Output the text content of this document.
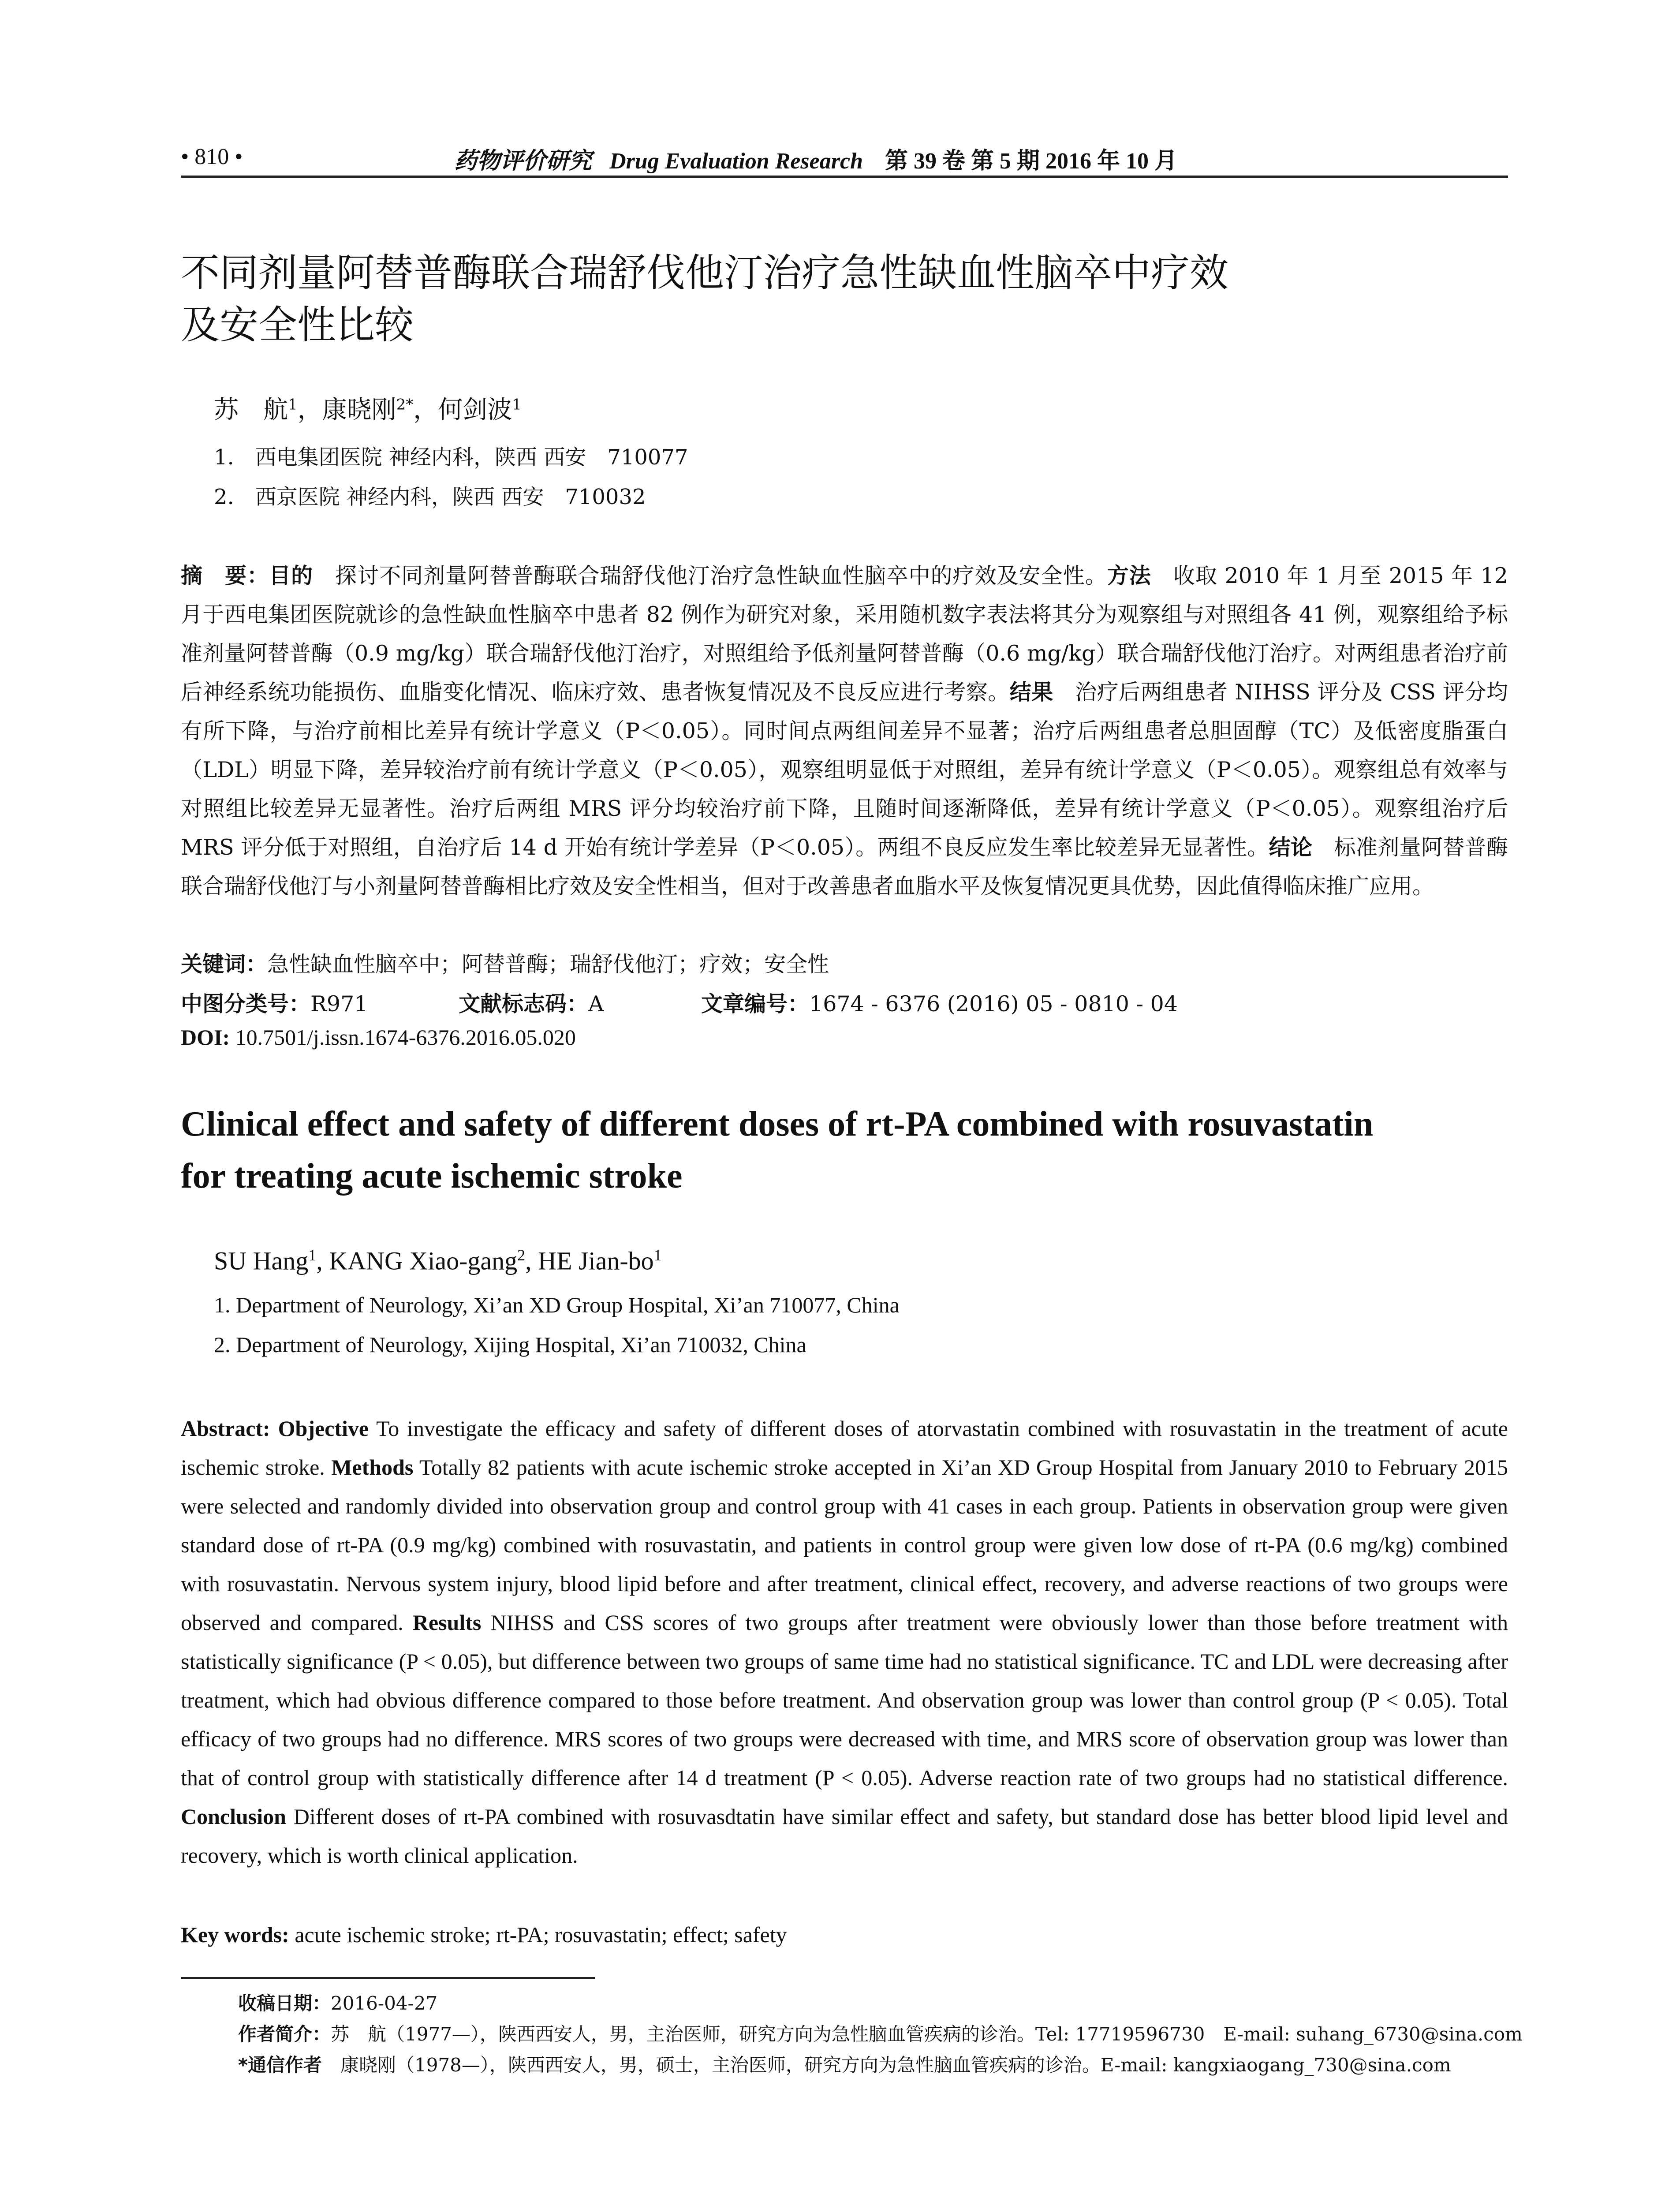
• 810 •	药物评价研究 Drug Evaluation Research 第 39 卷 第 5 期 2016 年 10 月
不同剂量阿替普酶联合瑞舒伐他汀治疗急性缺血性脑卒中疗效
及安全性比较
苏　航$^1$，康晓刚$^{2*}$，何剑波$^1$
1.　西电集团医院 神经内科，陕西 西安　710077
2.　西京医院 神经内科，陕西 西安　710032
摘　要：目的　探讨不同剂量阿替普酶联合瑞舒伐他汀治疗急性缺血性脑卒中的疗效及安全性。方法　收取 2010 年 1 月至 2015 年 12 月于西电集团医院就诊的急性缺血性脑卒中患者 82 例作为研究对象，采用随机数字表法将其分为观察组与对照组各 41 例，观察组给予标准剂量阿替普酶（0.9 mg/kg）联合瑞舒伐他汀治疗，对照组给予低剂量阿替普酶（0.6 mg/kg）联合瑞舒伐他汀治疗。对两组患者治疗前后神经系统功能损伤、血脂变化情况、临床疗效、患者恢复情况及不良反应进行考察。结果　治疗后两组患者 NIHSS 评分及 CSS 评分均有所下降，与治疗前相比差异有统计学意义（P＜0.05）。同时间点两组间差异不显著；治疗后两组患者总胆固醇（TC）及低密度脂蛋白（LDL）明显下降，差异较治疗前有统计学意义（P＜0.05），观察组明显低于对照组，差异有统计学意义（P＜0.05）。观察组总有效率与对照组比较差异无显著性。治疗后两组 MRS 评分均较治疗前下降，且随时间逐渐降低，差异有统计学意义（P＜0.05）。观察组治疗后 MRS 评分低于对照组，自治疗后 14 d 开始有统计学差异（P＜0.05）。两组不良反应发生率比较差异无显著性。结论　标准剂量阿替普酶联合瑞舒伐他汀与小剂量阿替普酶相比疗效及安全性相当，但对于改善患者血脂水平及恢复情况更具优势，因此值得临床推广应用。
关键词：急性缺血性脑卒中；阿替普酶；瑞舒伐他汀；疗效；安全性
中图分类号：R971	文献标志码：A	文章编号：1674 - 6376 (2016) 05 - 0810 - 04
DOI: 10.7501/j.issn.1674-6376.2016.05.020
Clinical effect and safety of different doses of rt-PA combined with rosuvastatin
for treating acute ischemic stroke
SU Hang$^1$, KANG Xiao-gang$^2$, HE Jian-$bo^1$
1. Department of Neurology, Xi’an XD Group Hospital, Xi’an 710077, China
2. Department of Neurology, Xijing Hospital, Xi’an 710032, China
Abstract: Objective To investigate the efficacy and safety of different doses of atorvastatin combined with rosuvastatin in the treatment of acute ischemic stroke. Methods Totally 82 patients with acute ischemic stroke accepted in Xi’an XD Group Hospital from January 2010 to February 2015 were selected and randomly divided into observation group and control group with 41 cases in each group. Patients in observation group were given standard dose of rt-PA (0.9 mg/kg) combined with rosuvastatin, and patients in control group were given low dose of rt-PA (0.6 mg/kg) combined with rosuvastatin. Nervous system injury, blood lipid before and after treatment, clinical effect, recovery, and adverse reactions of two groups were observed and compared. Results NIHSS and CSS scores of two groups after treatment were obviously lower than those before treatment with statistically significance (P < 0.05), but difference between two groups of same time had no statistical significance. TC and LDL were decreasing after treatment, which had obvious difference compared to those before treatment. And observation group was lower than control group (P < 0.05). Total efficacy of two groups had no difference. MRS scores of two groups were decreased with time, and MRS score of observation group was lower than that of control group with statistically difference after 14 d treatment (P < 0.05). Adverse reaction rate of two groups had no statistical difference. Conclusion Different doses of rt-PA combined with rosuvasdtatin have similar effect and safety, but standard dose has better blood lipid level and recovery, which is worth clinical application.
Key words: acute ischemic stroke; rt-PA; rosuvastatin; effect; safety
收稿日期：2016-04-27
作者简介：苏　航（1977—），陕西西安人，男，主治医师，研究方向为急性脑血管疾病的诊治。Tel: 17719596730　E-mail: suhang_6730@sina.com
*通信作者　康晓刚（1978—），陕西西安人，男，硕士，主治医师，研究方向为急性脑血管疾病的诊治。E-mail: kangxiaogang_730@sina.com
